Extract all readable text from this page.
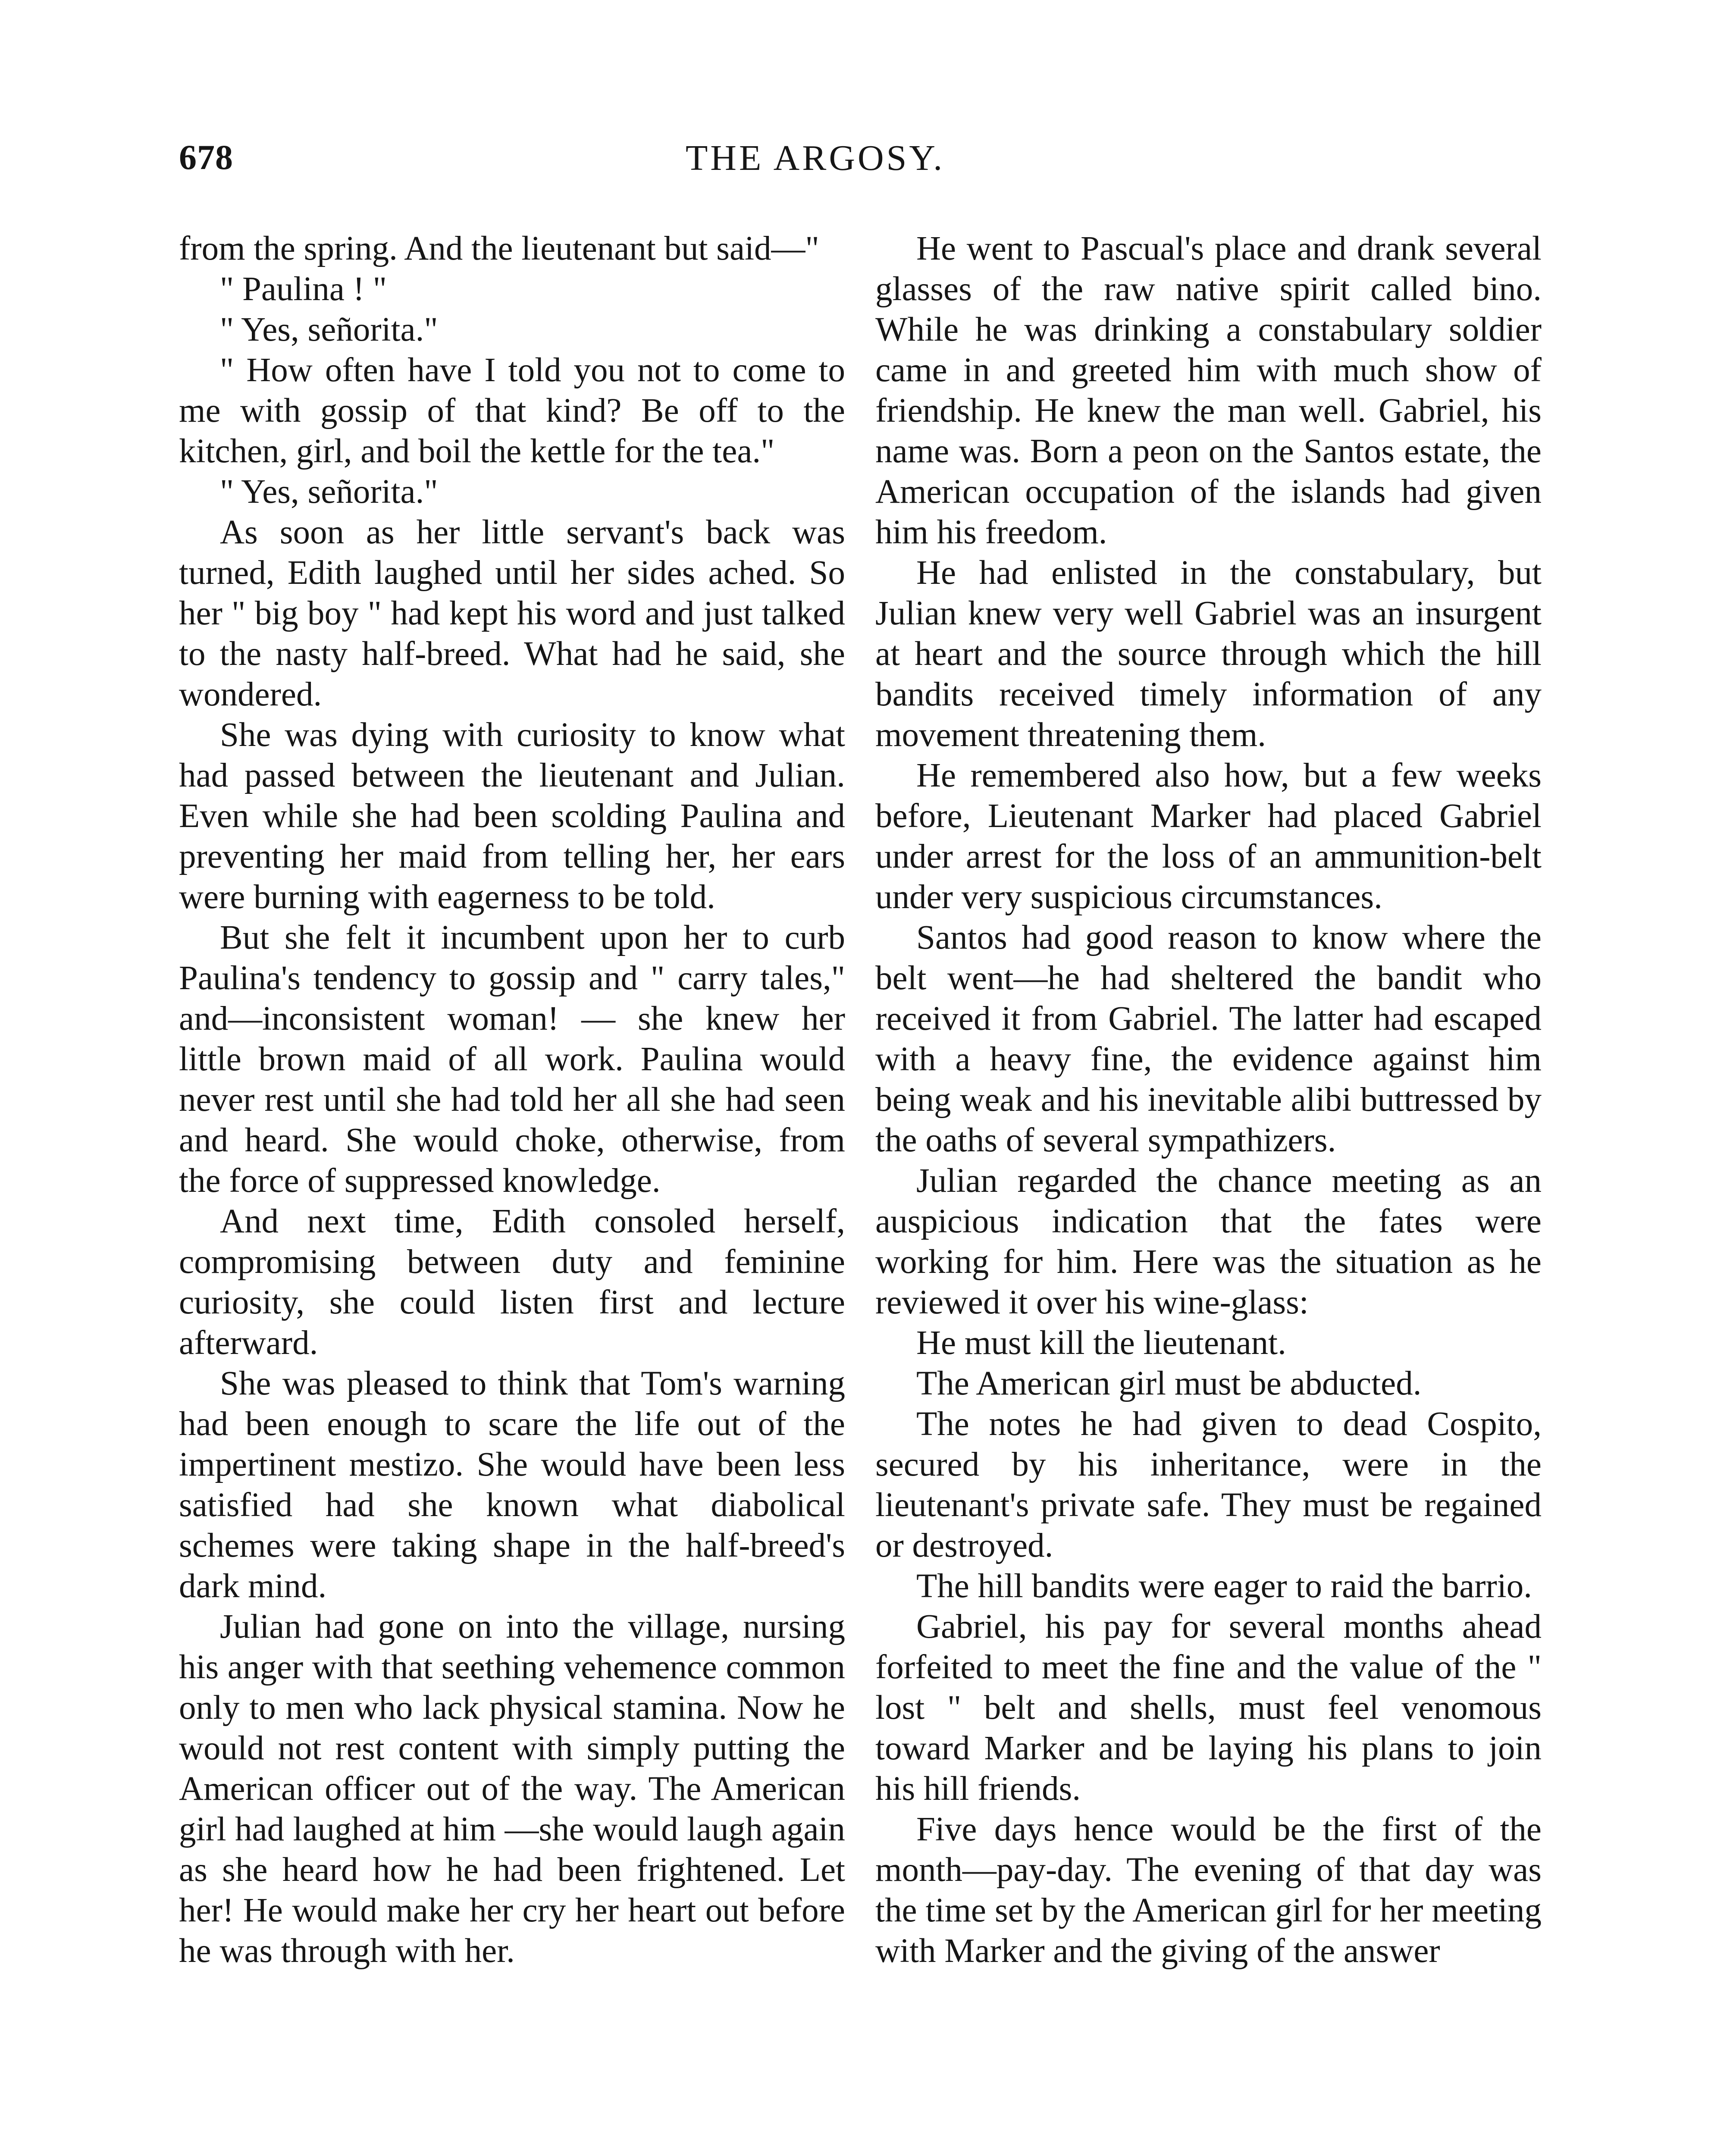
678	THE ARGOSY.

from the spring. And the lieutenant but said—"

" Paulina ! "

" Yes, señorita."

" How often have I told you not to come to me with gossip of that kind? Be off to the kitchen, girl, and boil the kettle for the tea."

" Yes, señorita."

As soon as her little servant's back was turned, Edith laughed until her sides ached. So her " big boy " had kept his word and just talked to the nasty half-breed. What had he said, she wondered.

She was dying with curiosity to know what had passed between the lieutenant and Julian. Even while she had been scolding Paulina and preventing her maid from telling her, her ears were burning with eagerness to be told.

But she felt it incumbent upon her to curb Paulina's tendency to gossip and " carry tales," and—inconsistent woman! — she knew her little brown maid of all work. Paulina would never rest until she had told her all she had seen and heard. She would choke, otherwise, from the force of suppressed knowledge.

And next time, Edith consoled herself, compromising between duty and feminine curiosity, she could listen first and lecture afterward.

She was pleased to think that Tom's warning had been enough to scare the life out of the impertinent mestizo. She would have been less satisfied had she known what diabolical schemes were taking shape in the half-breed's dark mind.

Julian had gone on into the village, nursing his anger with that seething vehemence common only to men who lack physical stamina. Now he would not rest content with simply putting the American officer out of the way. The American girl had laughed at him —she would laugh again as she heard how he had been frightened. Let her! He would make her cry her heart out before he was through with her.

He went to Pascual's place and drank several glasses of the raw native spirit called bino. While he was drinking a constabulary soldier came in and greeted him with much show of friendship. He knew the man well. Gabriel, his name was. Born a peon on the Santos estate, the American occupation of the islands had given him his freedom.

He had enlisted in the constabulary, but Julian knew very well Gabriel was an insurgent at heart and the source through which the hill bandits received timely information of any movement threatening them.

He remembered also how, but a few weeks before, Lieutenant Marker had placed Gabriel under arrest for the loss of an ammunition-belt under very suspicious circumstances.

Santos had good reason to know where the belt went—he had sheltered the bandit who received it from Gabriel. The latter had escaped with a heavy fine, the evidence against him being weak and his inevitable alibi buttressed by the oaths of several sympathizers.

Julian regarded the chance meeting as an auspicious indication that the fates were working for him. Here was the situation as he reviewed it over his wine-glass:

He must kill the lieutenant.

The American girl must be abducted.

The notes he had given to dead Cospito, secured by his inheritance, were in the lieutenant's private safe. They must be regained or destroyed.

The hill bandits were eager to raid the barrio.

Gabriel, his pay for several months ahead forfeited to meet the fine and the value of the " lost " belt and shells, must feel venomous toward Marker and be laying his plans to join his hill friends.

Five days hence would be the first of the month—pay-day. The evening of that day was the time set by the American girl for her meeting with Marker and the giving of the answer
